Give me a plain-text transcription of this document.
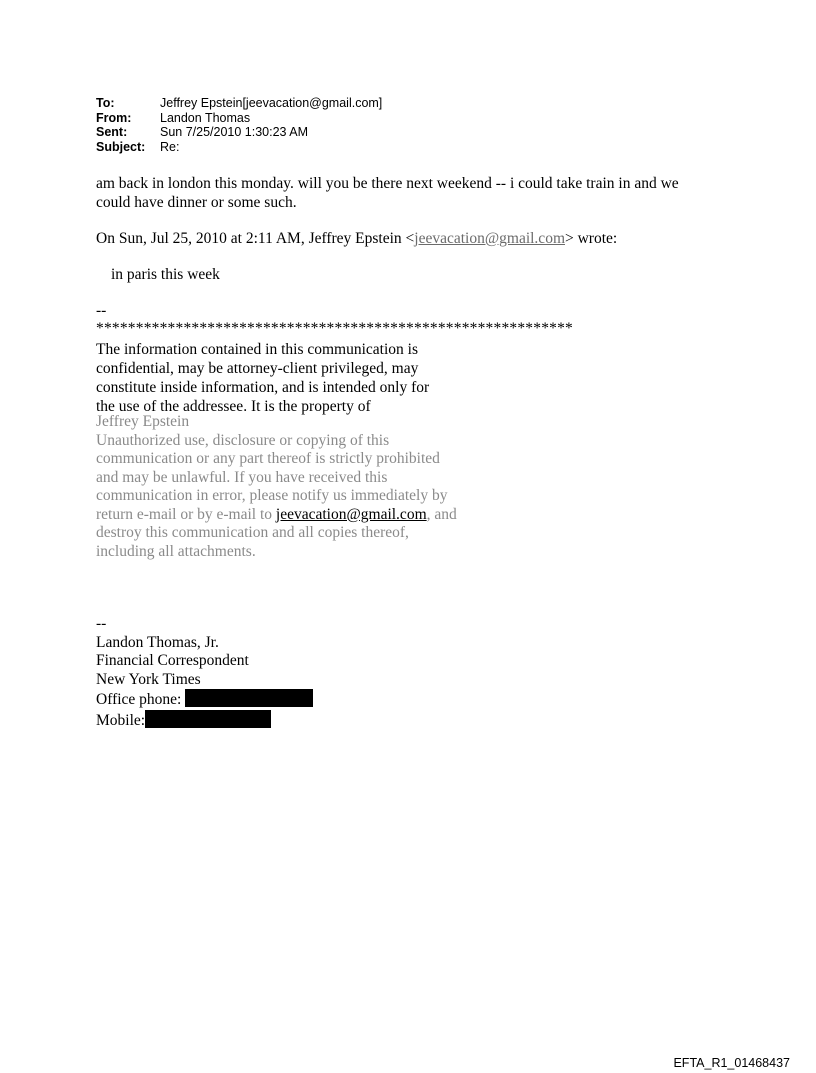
To:	Jeffrey Epstein[jeevacation@gmail.com]
From:	Landon Thomas
Sent:	Sun 7/25/2010 1:30:23 AM
Subject:	Re:
am back in london this monday. will you be there next weekend -- i could take train in and we
could have dinner or some such.
On Sun, Jul 25, 2010 at 2:11 AM, Jeffrey Epstein <jeevacation@gmail.com> wrote:
in paris this week
--
************************************************************
The information contained in this communication is
confidential, may be attorney-client privileged, may
constitute inside information, and is intended only for
the use of the addressee. It is the property of
Jeffrey Epstein
Unauthorized use, disclosure or copying of this
communication or any part thereof is strictly prohibited
and may be unlawful. If you have received this
communication in error, please notify us immediately by
return e-mail or by e-mail to jeevacation@gmail.com, and
destroy this communication and all copies thereof,
including all attachments.
--
Landon Thomas, Jr.
Financial Correspondent
New York Times
Office phone:
Mobile:
EFTA_R1_01468437
